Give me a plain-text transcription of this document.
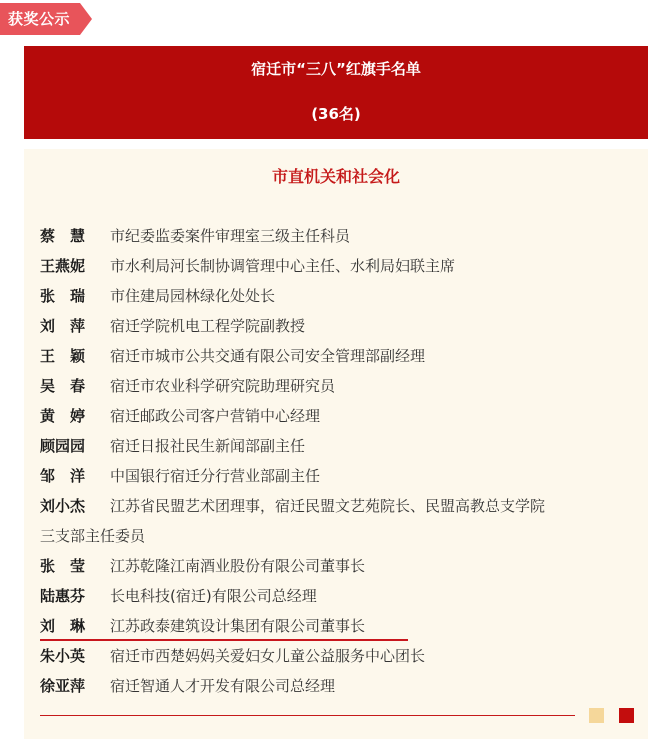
获奖公示
宿迁市“三八”红旗手名单
(36名)
市直机关和社会化
蔡慧 市纪委监委案件审理室三级主任科员
王燕妮 市水利局河长制协调管理中心主任、水利局妇联主席
张瑞 市住建局园林绿化处处长
刘萍 宿迁学院机电工程学院副教授
王颖 宿迁市城市公共交通有限公司安全管理部副经理
吴春 宿迁市农业科学研究院助理研究员
黄婷 宿迁邮政公司客户营销中心经理
顾园园 宿迁日报社民生新闻部副主任
邹洋 中国银行宿迁分行营业部副主任
刘小杰 江苏省民盟艺术团理事，宿迁民盟文艺苑院长、民盟高教总支学院
三支部主任委员
张莹 江苏乾隆江南酒业股份有限公司董事长
陆惠芬 长电科技(宿迁)有限公司总经理
刘琳 江苏政泰建筑设计集团有限公司董事长
朱小英 宿迁市西楚妈妈关爱妇女儿童公益服务中心团长
徐亚萍 宿迁智通人才开发有限公司总经理
